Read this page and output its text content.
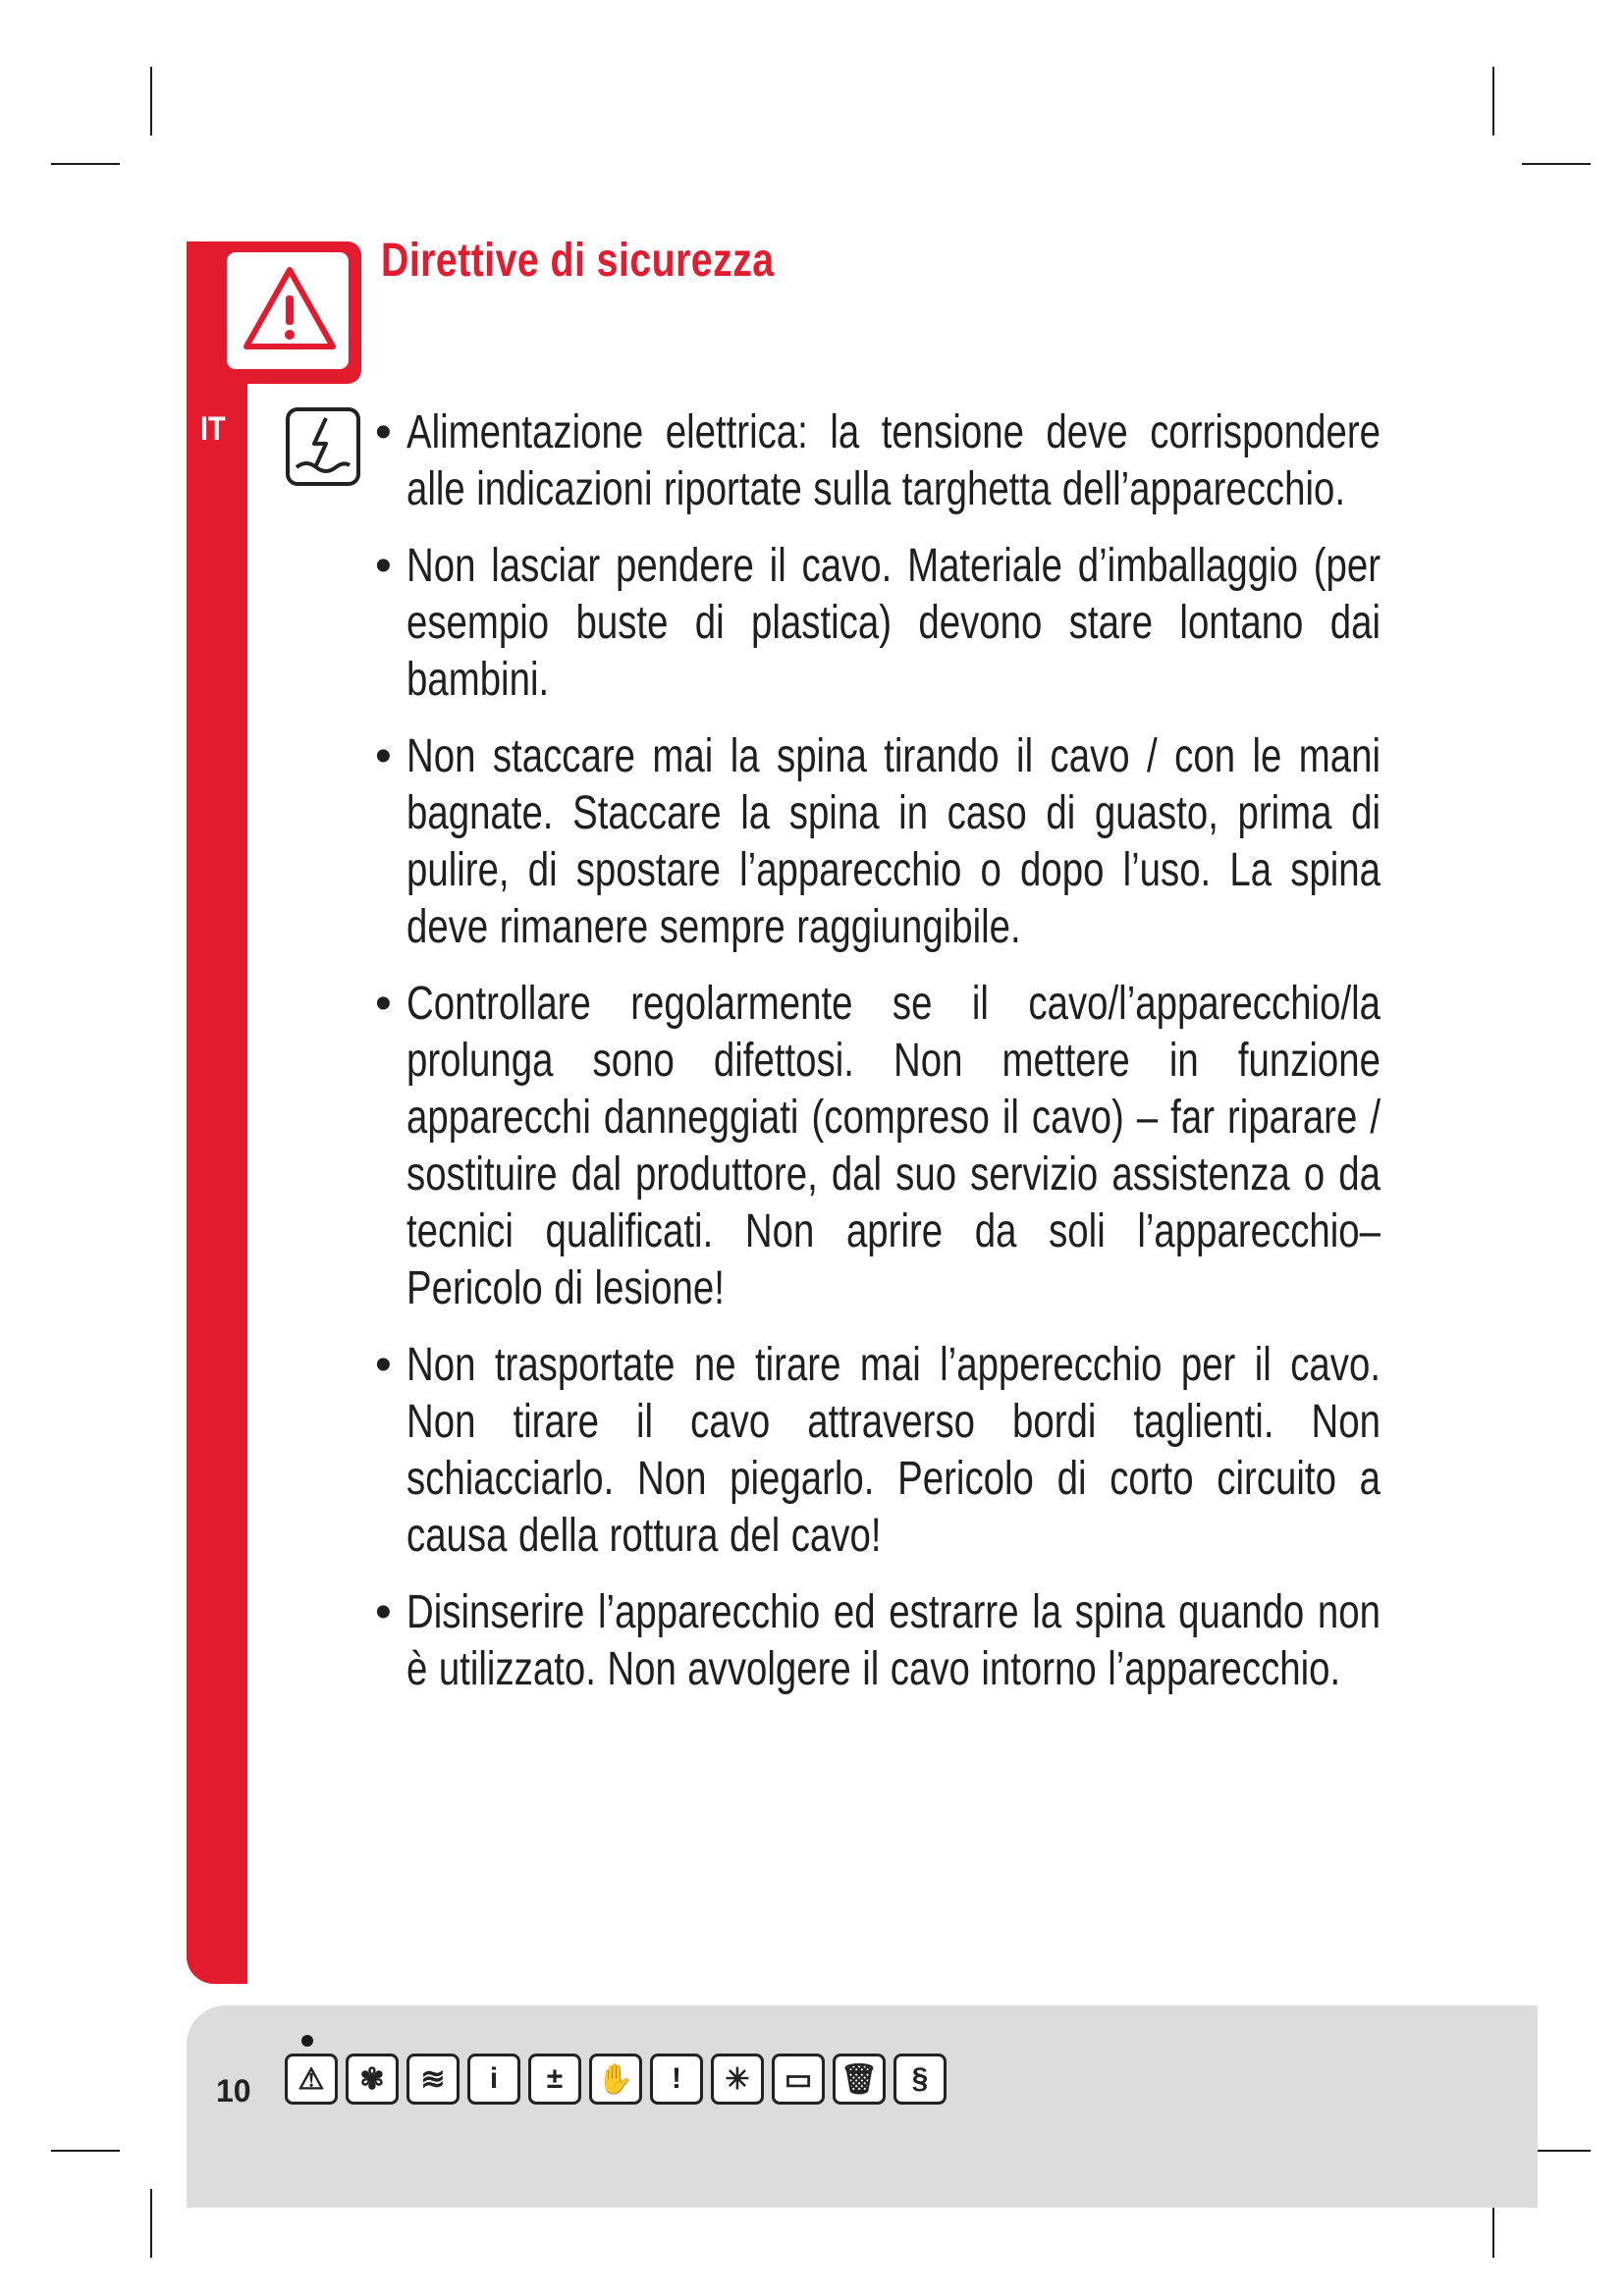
Direttive di sicurezza
IT	• Alimentazione elettrica: la tensione deve corrispondere alle indicazioni riportate sulla targhetta dell’apparecchio.
• Non lasciar pendere il cavo. Materiale d’imballaggio (per esempio buste di plastica) devono stare lontano dai bambini.
• Non staccare mai la spina tirando il cavo / con le mani bagnate. Staccare la spina in caso di guasto, prima di pulire, di spostare l’apparecchio o dopo l’uso. La spina deve rimanere sempre raggiungibile.
• Controllare regolarmente se il cavo/l’apparecchio/la prolunga sono difettosi. Non mettere in funzione apparecchi danneggiati (compreso il cavo) – far riparare / sostituire dal produttore, dal suo servizio assistenza o da tecnici qualificati. Non aprire da soli l’apparecchio– Pericolo di lesione!
• Non trasportate ne tirare mai l’apperecchio per il cavo. Non tirare il cavo attraverso bordi taglienti. Non schiacciarlo. Non piegarlo. Pericolo di corto circuito a causa della rottura del cavo!
• Disinserire l’apparecchio ed estrarre la spina quando non è utilizzato. Non avvolgere il cavo intorno l’apparecchio.
10	⚠	✾	≋	i	±	✋	!	✳	▭ 🗑	§
